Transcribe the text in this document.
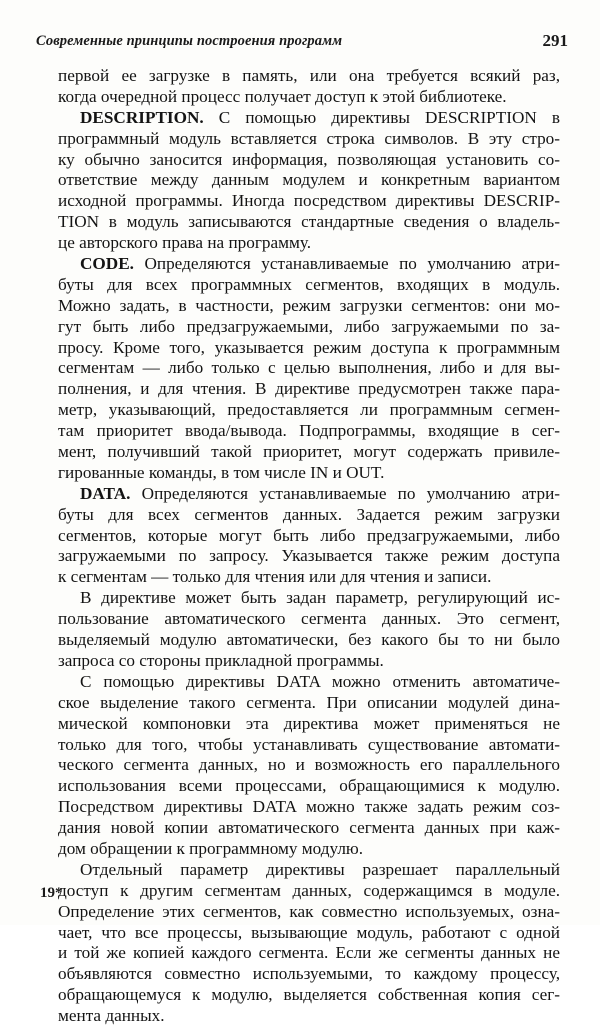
Современные принципы построения программ	291
первой ее загрузке в память, или она требуется всякий раз,
когда очередной процесс получает доступ к этой библиотеке.
DESCRIPTION. С помощью директивы DESCRIPTION в
программный модуль вставляется строка символов. В эту стро-
ку обычно заносится информация, позволяющая установить со-
ответствие между данным модулем и конкретным вариантом
исходной программы. Иногда посредством директивы DESCRIP-
TION в модуль записываются стандартные сведения о владель-
це авторского права на программу.
CODE. Определяются устанавливаемые по умолчанию атри-
буты для всех программных сегментов, входящих в модуль.
Можно задать, в частности, режим загрузки сегментов: они мо-
гут быть либо предзагружаемыми, либо загружаемыми по за-
просу. Кроме того, указывается режим доступа к программным
сегментам — либо только с целью выполнения, либо и для вы-
полнения, и для чтения. В директиве предусмотрен также пара-
метр, указывающий, предоставляется ли программным сегмен-
там приоритет ввода/вывода. Подпрограммы, входящие в сег-
мент, получивший такой приоритет, могут содержать привиле-
гированные команды, в том числе IN и OUT.
DATA. Определяются устанавливаемые по умолчанию атри-
буты для всех сегментов данных. Задается режим загрузки
сегментов, которые могут быть либо предзагружаемыми, либо
загружаемыми по запросу. Указывается также режим доступа
к сегментам — только для чтения или для чтения и записи.
В директиве может быть задан параметр, регулирующий ис-
пользование автоматического сегмента данных. Это сегмент,
выделяемый модулю автоматически, без какого бы то ни было
запроса со стороны прикладной программы.
С помощью директивы DATA можно отменить автоматиче-
ское выделение такого сегмента. При описании модулей дина-
мической компоновки эта директива может применяться не
только для того, чтобы устанавливать существование автомати-
ческого сегмента данных, но и возможность его параллельного
использования всеми процессами, обращающимися к модулю.
Посредством директивы DATA можно также задать режим соз-
дания новой копии автоматического сегмента данных при каж-
дом обращении к программному модулю.
Отдельный параметр директивы разрешает параллельный
доступ к другим сегментам данных, содержащимся в модуле.
Определение этих сегментов, как совместно используемых, озна-
чает, что все процессы, вызывающие модуль, работают с одной
и той же копией каждого сегмента. Если же сегменты данных не
объявляются совместно используемыми, то каждому процессу,
обращающемуся к модулю, выделяется собственная копия сег-
мента данных.
19*
